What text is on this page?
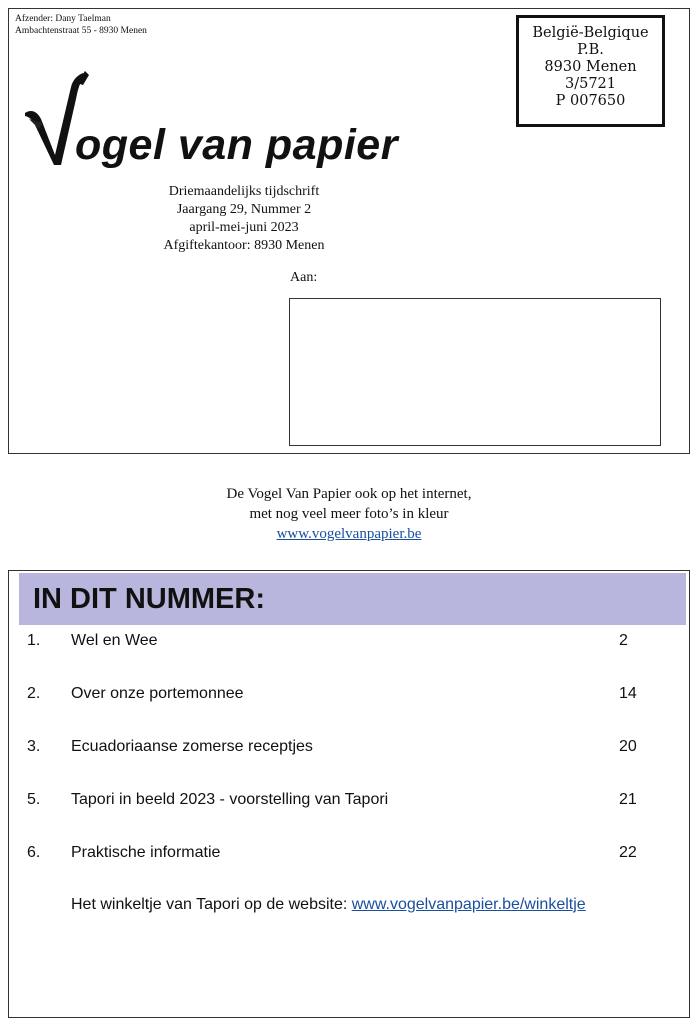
Afzender: Dany Taelman
Ambachtenstraat 55 - 8930 Menen	België-Belgique
P.B.
8930 Menen
3/5721
P 007650
ogel van papier
Driemaandelijks tijdschrift
Jaargang 29, Nummer 2
april-mei-juni 2023
Afgiftekantoor: 8930 Menen
Aan:
De Vogel Van Papier ook op het internet,
met nog veel meer foto’s in kleur
www.vogelvanpapier.be
IN DIT NUMMER:
1. Wel en Wee	2
2. Over onze portemonnee	14
3. Ecuadoriaanse zomerse receptjes	20
5. Tapori in beeld 2023 - voorstelling van Tapori	21
6. Praktische informatie	22
Het winkeltje van Tapori op de website: www.vogelvanpapier.be/winkeltje
